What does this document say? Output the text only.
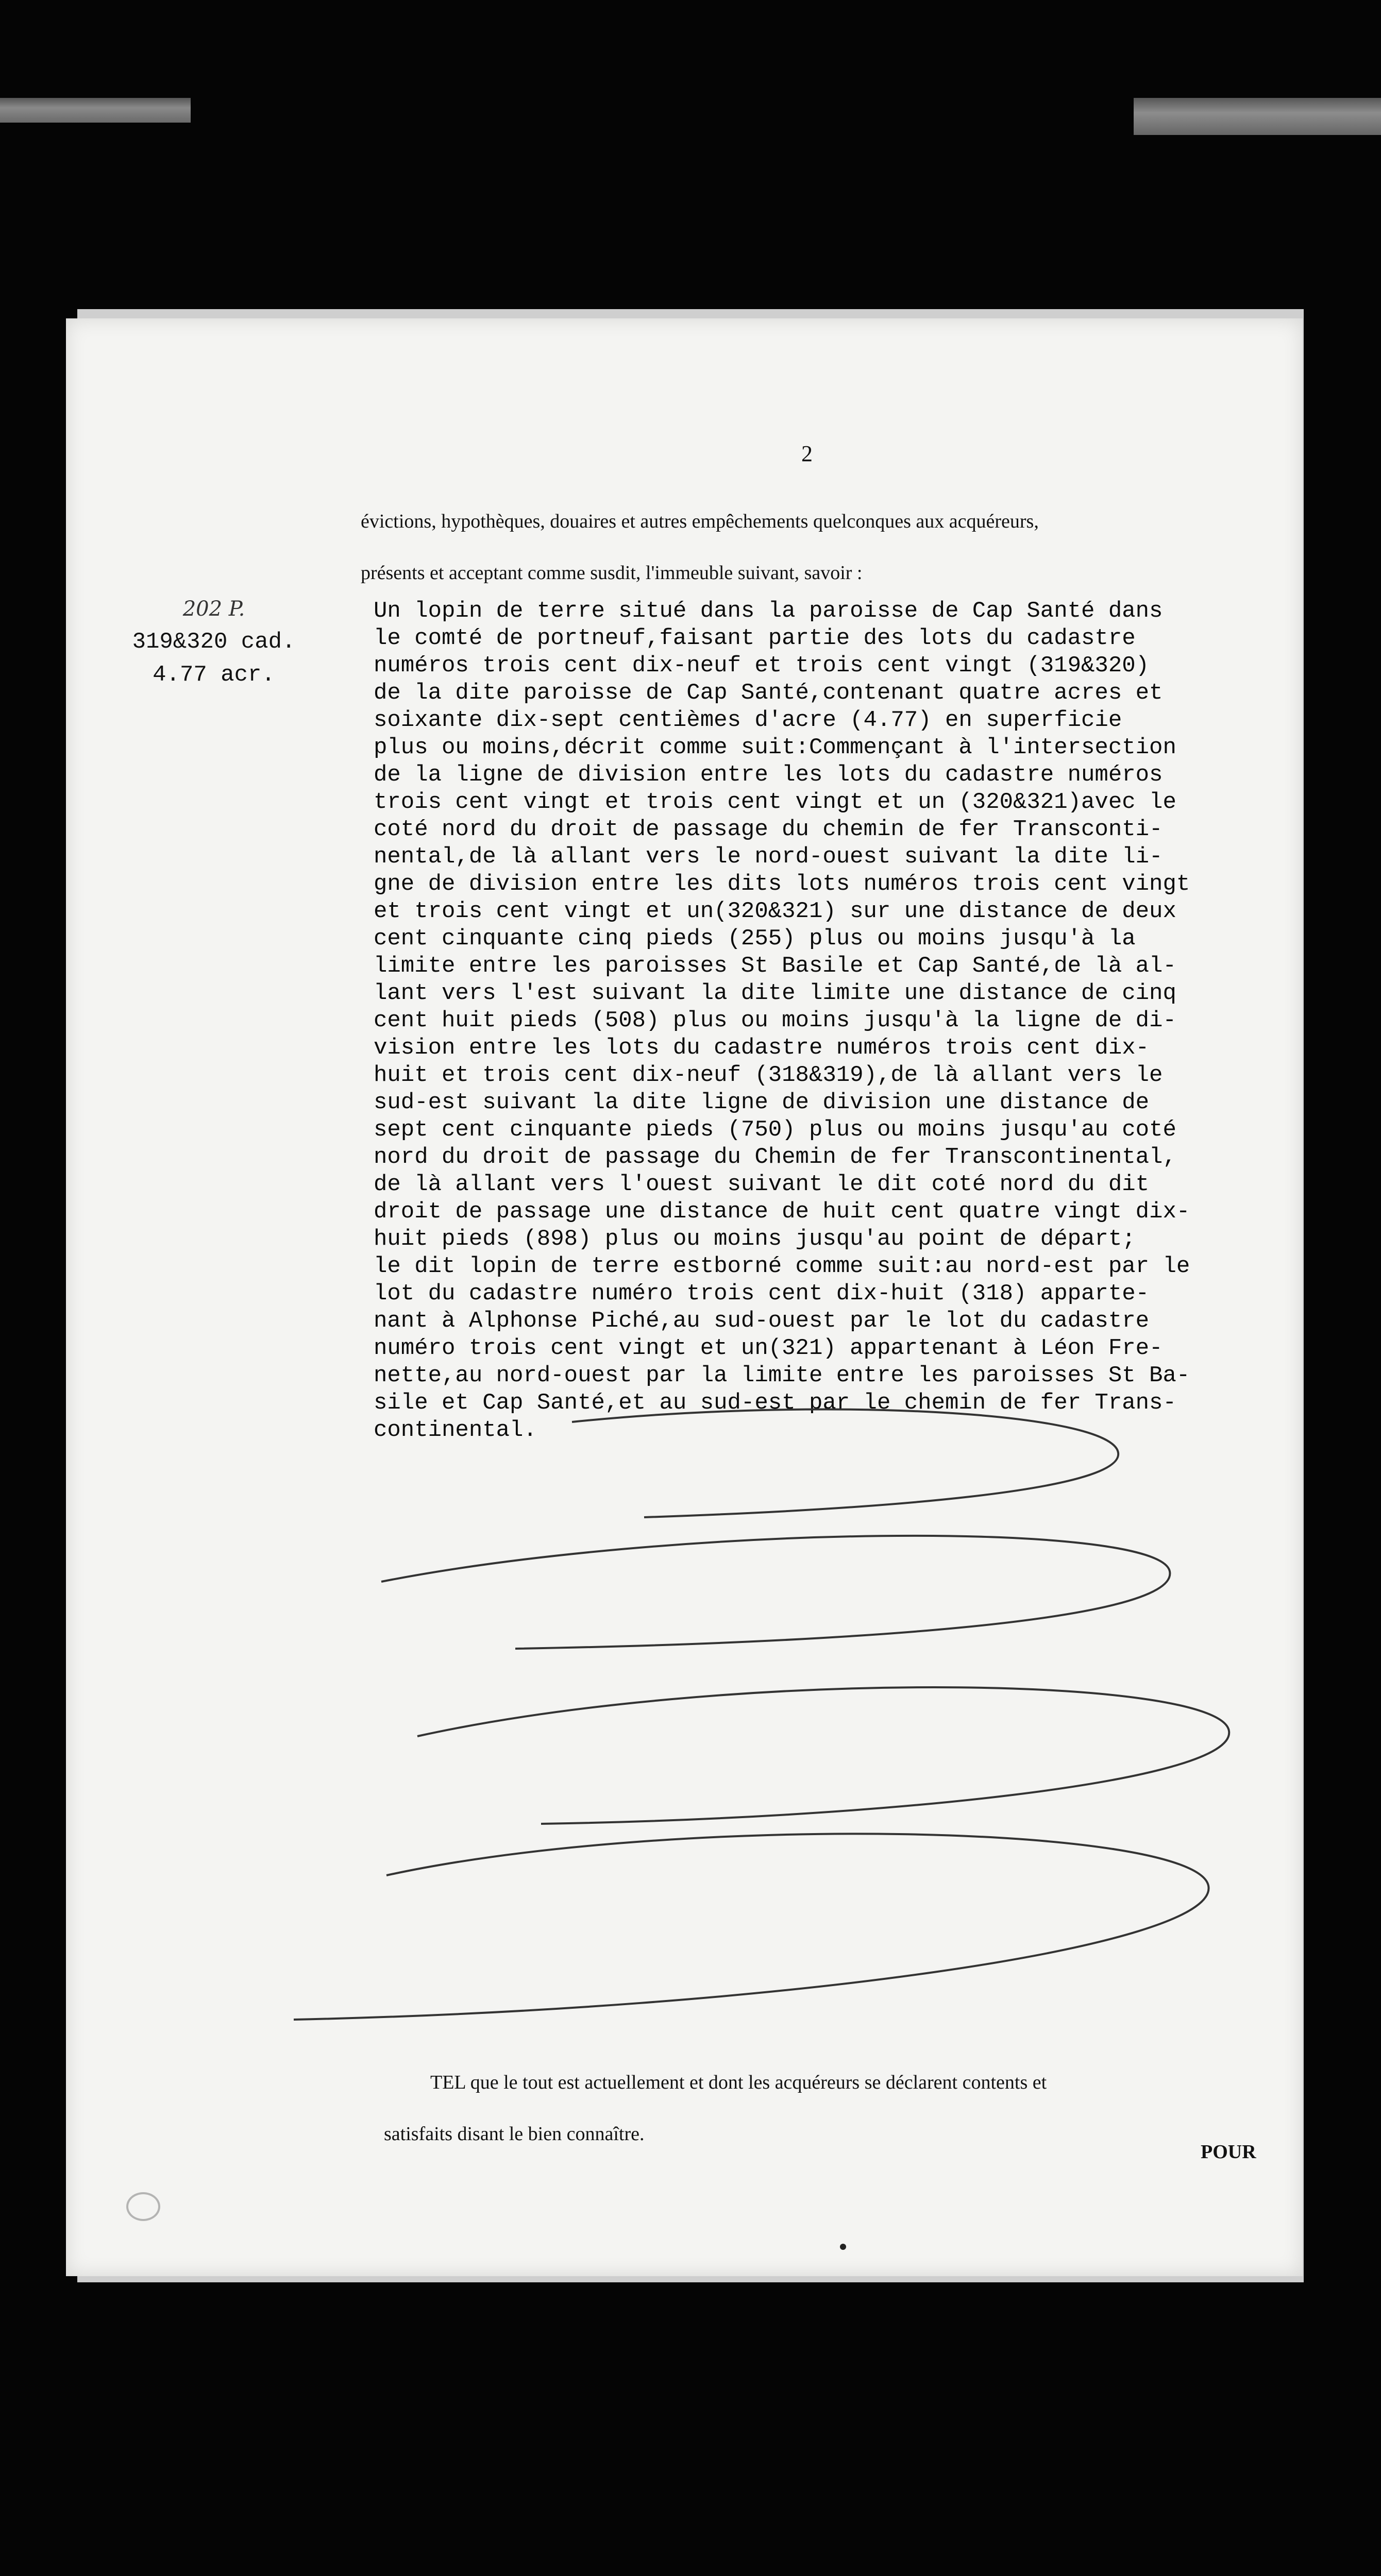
2
évictions, hypothèques, douaires et autres empêchements quelconques aux acquéreurs,
présents et acceptant comme susdit, l'immeuble suivant, savoir :
202 P.
319&320 cad.
4.77 acr.
Un lopin de terre situé dans la paroisse de Cap Santé dans
le comté de portneuf,faisant partie des lots du cadastre
numéros trois cent dix-neuf et trois cent vingt (319&320)
de la dite paroisse de Cap Santé,contenant quatre acres et
soixante dix-sept centièmes d'acre (4.77) en superficie
plus ou moins,décrit comme suit:Commençant à l'intersection
de la ligne de division entre les lots du cadastre numéros
trois cent vingt et trois cent vingt et un (320&321)avec le
coté nord du droit de passage du chemin de fer Transconti-
nental,de là allant vers le nord-ouest suivant la dite li-
gne de division entre les dits lots numéros trois cent vingt
et trois cent vingt et un(320&321) sur une distance de deux
cent cinquante cinq pieds (255) plus ou moins jusqu'à la
limite entre les paroisses St Basile et Cap Santé,de là al-
lant vers l'est suivant la dite limite une distance de cinq
cent huit pieds (508) plus ou moins jusqu'à la ligne de di-
vision entre les lots du cadastre numéros trois cent dix-
huit et trois cent dix-neuf (318&319),de là allant vers le
sud-est suivant la dite ligne de division une distance de
sept cent cinquante pieds (750) plus ou moins jusqu'au coté
nord du droit de passage du Chemin de fer Transcontinental,
de là allant vers l'ouest suivant le dit coté nord du dit
droit de passage une distance de huit cent quatre vingt dix-
huit pieds (898) plus ou moins jusqu'au point de départ;
le dit lopin de terre estborné comme suit:au nord-est par le
lot du cadastre numéro trois cent dix-huit (318) apparte-
nant à Alphonse Piché,au sud-ouest par le lot du cadastre
numéro trois cent vingt et un(321) appartenant à Léon Fre-
nette,au nord-ouest par la limite entre les paroisses St Ba-
sile et Cap Santé,et au sud-est par le chemin de fer Trans-
continental.
TEL que le tout est actuellement et dont les acquéreurs se déclarent contents et
satisfaits disant le bien connaître.
POUR
